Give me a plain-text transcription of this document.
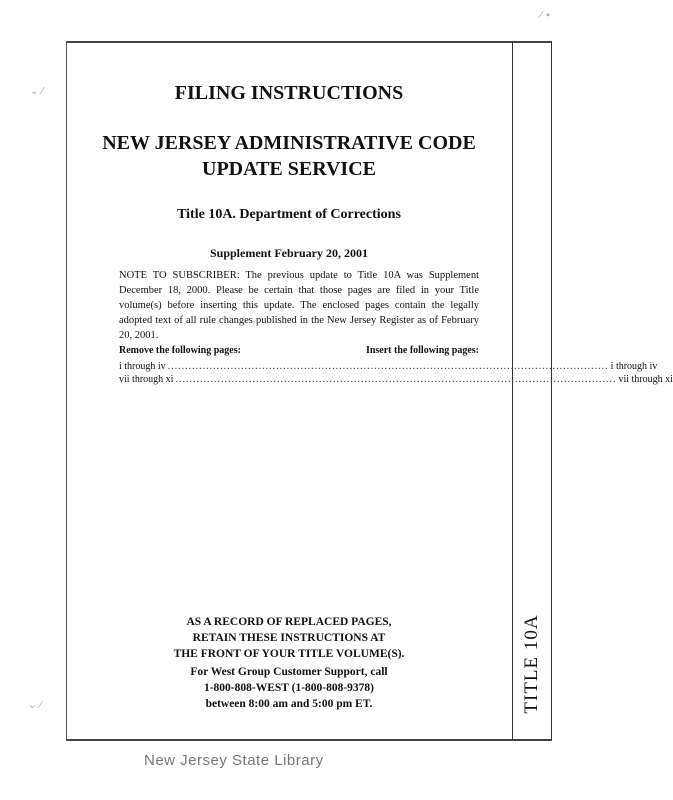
TITLE 10A
FILING INSTRUCTIONS
NEW JERSEY ADMINISTRATIVE CODE
UPDATE SERVICE
Title 10A. Department of Corrections
Supplement February 20, 2001
NOTE TO SUBSCRIBER: The previous update to Title 10A was Supplement December 18, 2000. Please be certain that those pages are filed in your Title volume(s) before inserting this update. The enclosed pages contain the legally adopted text of all rule changes published in the New Jersey Register as of February 20, 2001.
Remove the following pages:	Insert the following pages:
i through iv .............................................................................................................................. i through iv
vii through xi .............................................................................................................................. vii through xi
AS A RECORD OF REPLACED PAGES,
RETAIN THESE INSTRUCTIONS AT
THE FRONT OF YOUR TITLE VOLUME(S).
For West Group Customer Support, call
1-800-808-WEST (1-800-808-9378)
between 8:00 am and 5:00 pm ET.
New Jersey State Library
⌄ ⁄
⁄ ∙
⌄ ⁄
